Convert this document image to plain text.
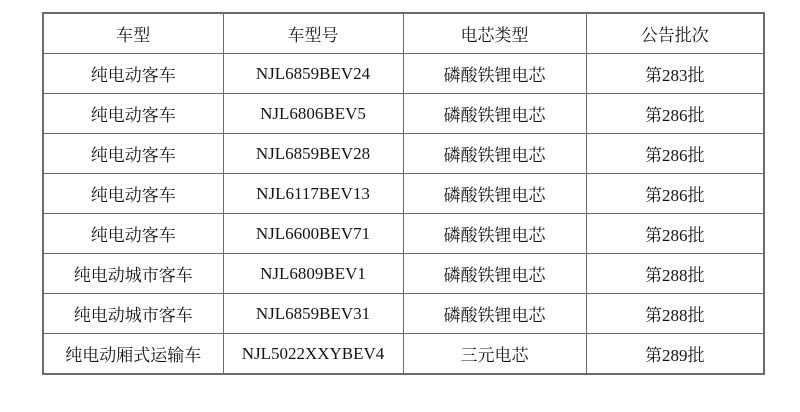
车型	车型号	电芯类型	公告批次
纯电动客车	NJL6859BEV24	磷酸铁锂电芯	第283批
纯电动客车	NJL6806BEV5	磷酸铁锂电芯	第286批
纯电动客车	NJL6859BEV28	磷酸铁锂电芯	第286批
纯电动客车	NJL6117BEV13	磷酸铁锂电芯	第286批
纯电动客车	NJL6600BEV71	磷酸铁锂电芯	第286批
纯电动城市客车	NJL6809BEV1	磷酸铁锂电芯	第288批
纯电动城市客车	NJL6859BEV31	磷酸铁锂电芯	第288批
纯电动厢式运输车	NJL5022XXYBEV4	三元电芯	第289批
